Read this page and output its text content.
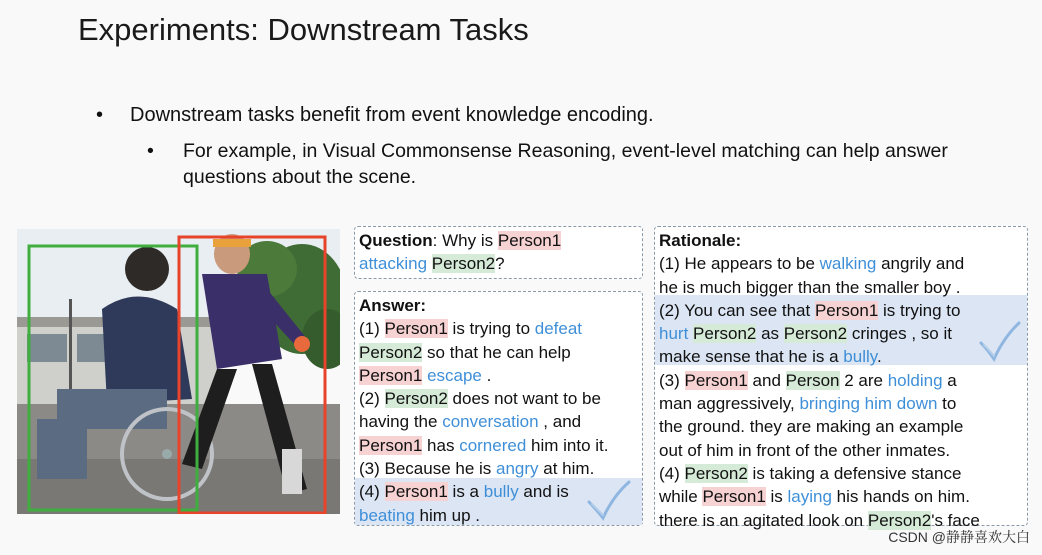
Experiments: Downstream Tasks
• Downstream tasks benefit from event knowledge encoding.
• For example, in Visual Commonsense Reasoning, event-level matching can help answer questions about the scene.
Question: Why is Person1
attacking Person2?
Answer:
(1) Person1 is trying to defeat
Person2 so that he can help
Person1 escape .
(2) Person2 does not want to be
having the conversation , and
Person1 has cornered him into it.
(3) Because he is angry at him.
(4) Person1 is a bully and is
beating him up .
Rationale:
(1) He appears to be walking angrily and
he is much bigger than the smaller boy .
(2) You can see that Person1 is trying to
hurt Person2 as Person2 cringes , so it
make sense that he is a bully.
(3) Person1 and Person 2 are holding a
man aggressively, bringing him down to
the ground. they are making an example
out of him in front of the other inmates.
(4) Person2 is taking a defensive stance
while Person1 is laying his hands on him.
there is an agitated look on Person2's face
CSDN @静静喜欢大白
